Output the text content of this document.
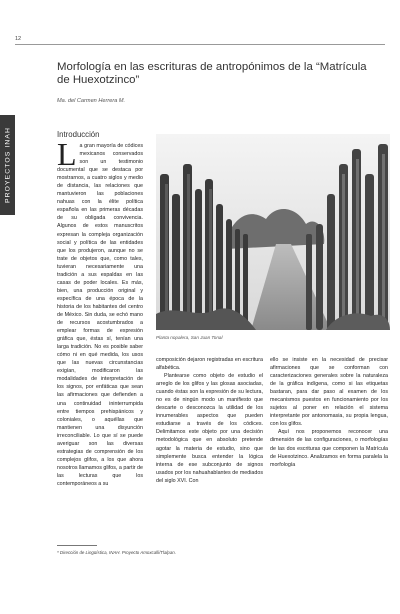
12
PROYECTOS INAH
Morfología en las escrituras de antropónimos de la “Matrícula de Huexotzinco”
Ma. del Carmen Herrera M.
Introducción
L a gran mayoría de códices mexicanos conservados son un testimonio documental que se destaca por mostrarnos, a cuatro siglos y medio de distancia, las relaciones que mantuvieron las poblaciones nahuas con la élite política española en las primeras décadas de su obligada convivencia. Algunos de estos manuscritos expresan la compleja organización social y política de las entidades que los produjeron, aunque no se trate de objetos que, como tales, tuvieran necesariamente una tradición a sus espaldas en las casas de poder locales. Es más, bien, una producción original y específica de una época de la historia de los habitantes del centro de México. Sin duda, se echó mano de recursos acostumbrados a emplear formas de expresión gráfica que, éstas sí, tenían una larga tradición. No es posible saber cómo ni en qué medida, los usos que las nuevas circunstancias exigían, modificaron las modalidades de interpretación de los signos, por enfáticas que sean las afirmaciones que defienden a una continuidad ininterrumpida entre tiempos prehispánicos y coloniales, o aquéllas que mantienen una disyunción irreconciliable. Lo que sí se puede averiguar son las diversas estrategias de comprensión de los complejos glifos, a los que ahora nosotros llamamos glifos, a partir de las lecturas que los contemporáneos a su
Planta nopalera, San Juan Tonal

composición dejaron registradas en escritura alfabética.

Plantearse como objeto de estudio el arreglo de los glifos y las glosas asociadas, cuando éstas son la expresión de su lectura, no es de ningún modo un manifiesto que descarte o desconozca la utilidad de los innumerables aspectos que pueden estudiarse a través de los códices. Delimitamos este objeto por una decisión metodológica que en absoluto pretende agotar la materia de estudio, sino que simplemente busca entender la lógica interna de ese subconjunto de signos usados por los nahuahablantes de mediados del siglo XVI. Con

ello se insiste en la necesidad de precisar afirmaciones que se conforman con caracterizaciones generales sobre la naturaleza de la gráfica indígena, como si las etiquetas bastaran, para dar paso al examen de los mecanismos puestos en funcionamiento por los sujetos al poner en relación el sistema interpretante por antonomasia, su propia lengua, con los glifos.

Aquí nos proponemos reconocer una dimensión de las configuraciones, o morfologías de las dos escrituras que componen la Matrícula de Huexotzinco. Analizamos en forma paralela la morfología

* Dirección de Lingüística, INAH. Proyecto Amoxcalli/Tlalpan.
